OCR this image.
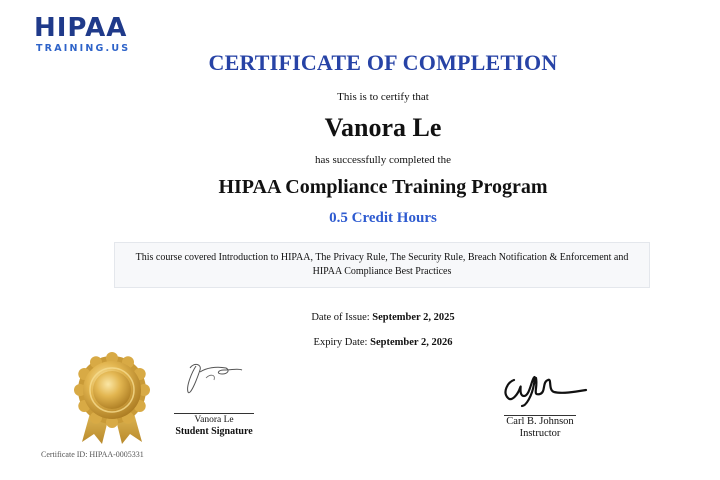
HIPAA
TRAINING.US
CERTIFICATE OF COMPLETION
This is to certify that
Vanora Le
has successfully completed the
HIPAA Compliance Training Program
0.5 Credit Hours
This course covered Introduction to HIPAA, The Privacy Rule, The Security Rule, Breach Notification & Enforcement and HIPAA Compliance Best Practices
Date of Issue: September 2, 2025
Expiry Date: September 2, 2026
Vanora Le
Student Signature
Carl B. Johnson
Instructor
Certificate ID: HIPAA-0005331
